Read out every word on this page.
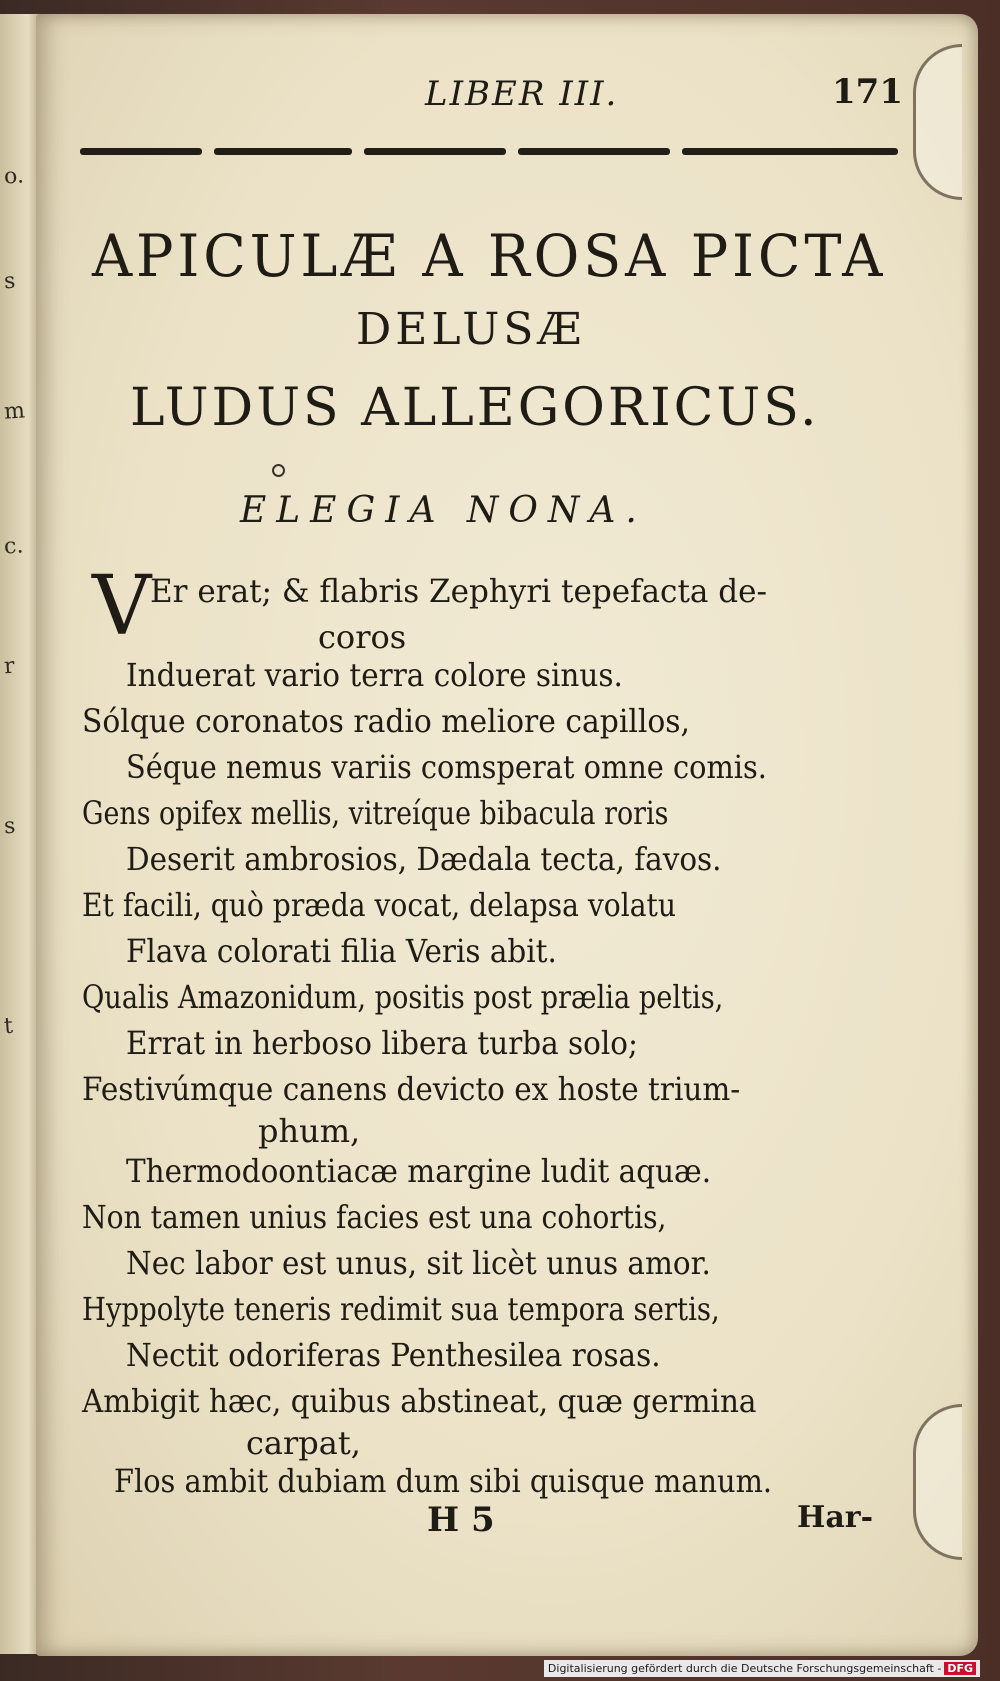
o.
s
m
c.
r
s
t
LIBER III.	171
APICULÆ A ROSA PICTA
DELUSÆ
LUDUS ALLEGORICUS.
ELEGIA NONA.
V
Er erat; & flabris Zephyri tepefacta de-
coros
Induerat vario terra colore sinus.
Sólque coronatos radio meliore capillos,
Séque nemus variis comsperat omne comis.
Gens opifex mellis, vitreíque bibacula roris
Deserit ambrosios, Dædala tecta, favos.
Et facili, quò præda vocat, delapsa volatu
Flava colorati filia Veris abit.
Qualis Amazonidum, positis post prælia peltis,
Errat in herboso libera turba solo;
Festivúmque canens devicto ex hoste trium-
phum,
Thermodoontiacæ margine ludit aquæ.
Non tamen unius facies est una cohortis,
Nec labor est unus, sit licèt unus amor.
Hyppolyte teneris redimit sua tempora sertis,
Nectit odoriferas Penthesilea rosas.
Ambigit hæc, quibus abstineat, quæ germina
carpat,
Flos ambit dubiam dum sibi quisque manum.
H 5	Har-
Digitalisierung gefördert durch die Deutsche Forschungsgemeinschaft - DFG
